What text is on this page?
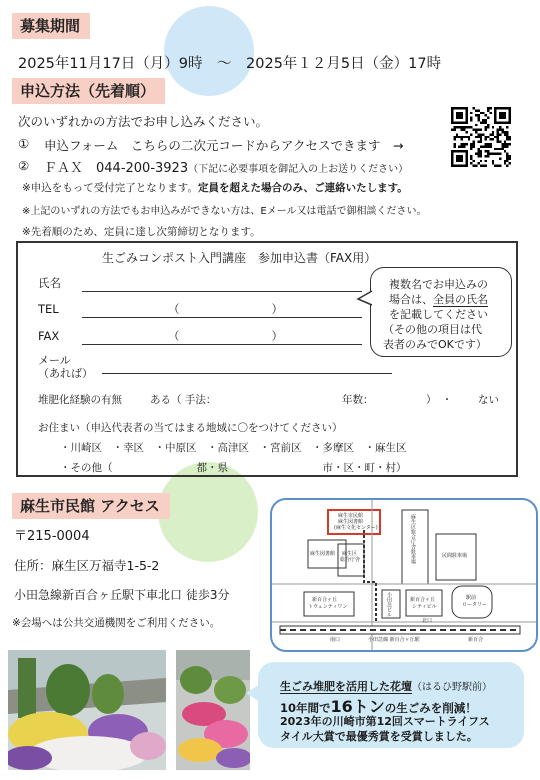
募集期間
2025年11月17日（月）9時　～　2025年１２月5日（金）17時
申込方法（先着順）
次のいずれかの方法でお申し込みください。
① 申込フォーム　こちらの二次元コードからアクセスできます　→
② ＦＡＸ　044-200-3923（下記に必要事項を御記入の上お送りください）
※申込をもって受付完了となります。定員を超えた場合のみ、ご連絡いたします。
※上記のいずれの方法でもお申込みができない方は、Eメール又は電話で御相談ください。
※先着順のため、定員に達し次第締切となります。
生ごみコンポスト入門講座　参加申込書（FAX用）
氏名
TEL	（　　　　　　　　）
FAX	（　　　　　　　　）
メール
（あれば）
堆肥化経験の有無	ある（ 手法：	年数：	）　・ ない
お住まい（申込代表者の当てはまる地域に〇をつけてください）
・川崎区　・幸区　・中原区　・高津区　・宮前区　・多摩区　・麻生区
・その他（　　　　　　　　都・県　　　　　　　　　市・区・町・村）
複数名でお申込みの
場合は、全員の氏名
を記載してください
（その他の項目は代
表者のみでOKです）
麻生市民館 アクセス
〒215-0004
住所：麻生区万福寺1-5-2
小田急線新百合ヶ丘駅下車北口 徒歩3分
※会場へは公共交通機関をご利用ください。
麻生市民館
麻生図書館
(麻生文化センター)
麻生図書館 麻生区
総合庁舎	麻生区総合庁舎駐車場	民間駐車場
新百合ヶ丘
トウェンティワン	小田急ビル	新百合ヶ丘
シティビル
駅前
ロータリー
北口
小田急線 新百合ヶ丘駅
南口	新百合
生ごみ堆肥を活用した花壇（はるひ野駅前）
10年間で16トンの生ごみを削減！
2023年の川崎市第12回スマートライフス
タイル大賞で最優秀賞を受賞しました。
